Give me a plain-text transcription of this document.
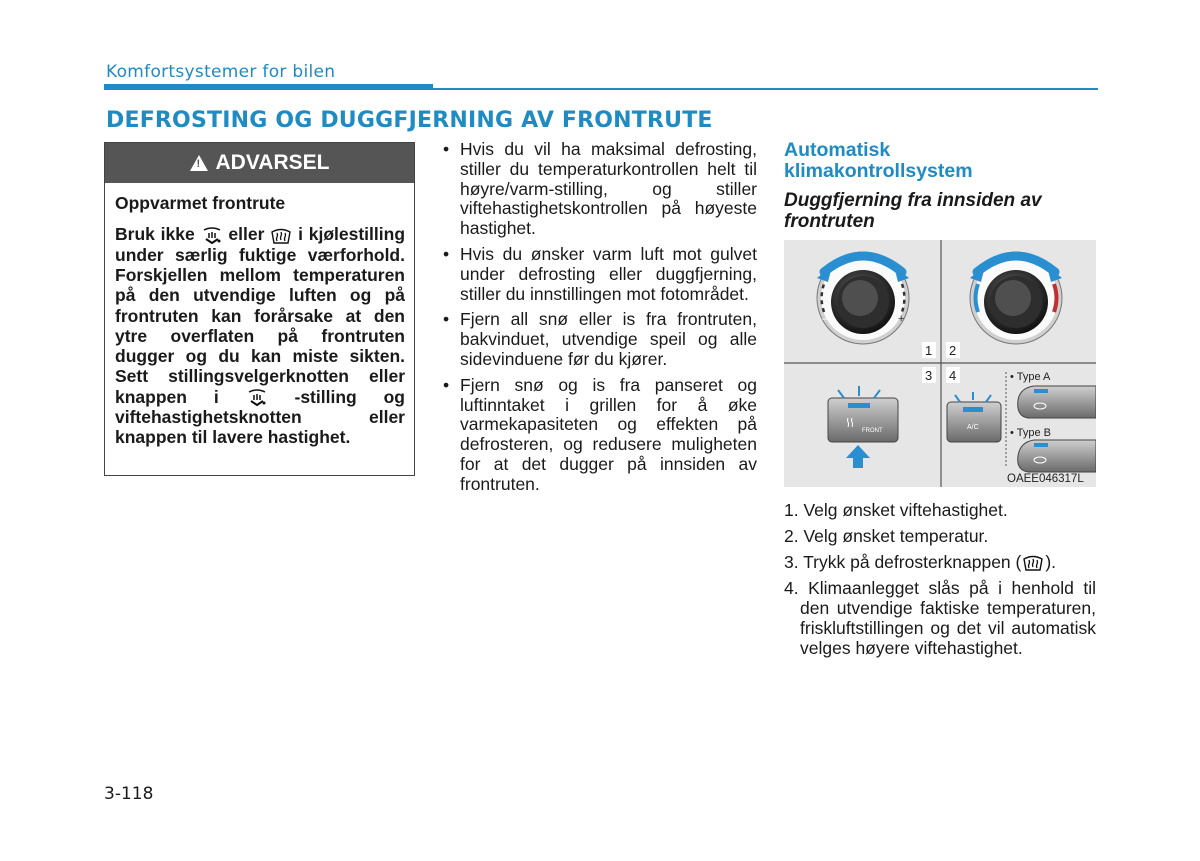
Komfortsystemer for bilen
DEFROSTING OG DUGGFJERNING AV FRONTRUTE
! ADVARSEL

Oppvarmet frontrute

Bruk ikke eller i kjølestilling under særlig fuktige værforhold. Forskjellen mellom temperaturen på den utvendige luften og på frontruten kan forårsake at den ytre overflaten på frontruten dugger og du kan miste sikten. Sett stillingsvelgerknotten eller knappen i	-stilling og viftehastighetsknotten eller knappen til lavere hastighet.

• Hvis du vil ha maksimal defrosting, stiller du temperaturkontrollen helt til høyre/varm-stilling, og stiller viftehastighetskontrollen på høyeste hastighet.
• Hvis du ønsker varm luft mot gulvet under defrosting eller duggfjerning, stiller du innstillingen mot fotområdet.
• Fjern all snø eller is fra frontruten, bakvinduet, utvendige speil og alle sidevinduene før du kjører.
• Fjern snø og is fra panseret og luftinntaket i grillen for å øke varmekapasiteten og effekten på defrosteren, og redusere muligheten for at det dugger på innsiden av frontruten.
Automatisk klimakontrollsystem
Duggfjerning fra innsiden av frontruten
–	+
1 2
3 4
FRONT	A/C
• Type A
• Type B
OAEE046317L
1. Velg ønsket viftehastighet.
2. Velg ønsket temperatur.
3. Trykk på defrosterknappen ( ).
4. Klimaanlegget slås på i henhold til den utvendige faktiske temperaturen, friskluftstillingen og det vil automatisk velges høyere viftehastighet.
3-118
